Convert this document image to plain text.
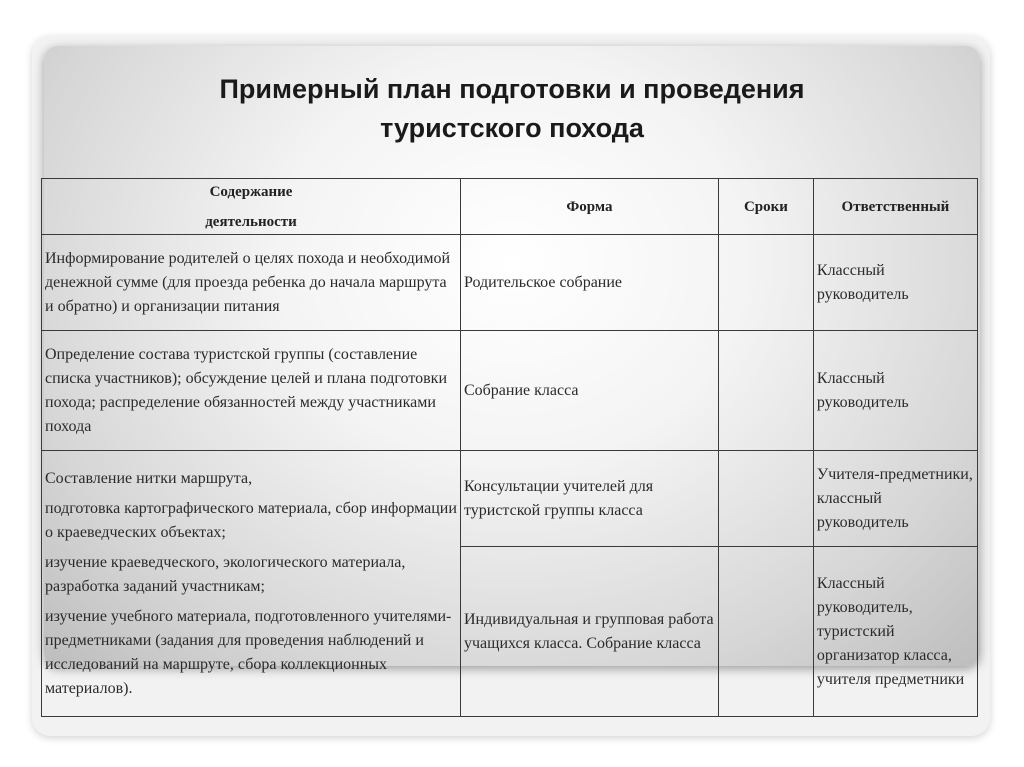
Примерный план подготовки и проведения
туристского похода
Содержание
деятельности	Форма	Сроки	Ответственный
Информирование родителей о целях похода и необходимой денежной сумме (для проезда ребенка до начала маршрута и обратно) и организации питания	Родительское собрание		Классный руководитель
Определение состава туристской группы (составление списка участников); обсуждение целей и плана подготовки похода; распределение обязанностей между участниками похода	Собрание класса		Классный руководитель

Составление нитки маршрута,
подготовка картографического материала, сбор информации о краеведческих объектах;
изучение краеведческого, экологического материала, разработка заданий участникам;
изучение учебного материала, подготовленного учителями-предметниками (задания для проведения наблюдений и исследований на маршруте, сбора коллекционных материалов).	Консультации учителей для туристской группы класса		Учителя-предметники, классный руководитель
	Индивидуальная и групповая работа учащихся класса. Собрание класса		Классный руководитель, туристский организатор класса, учителя предметники
